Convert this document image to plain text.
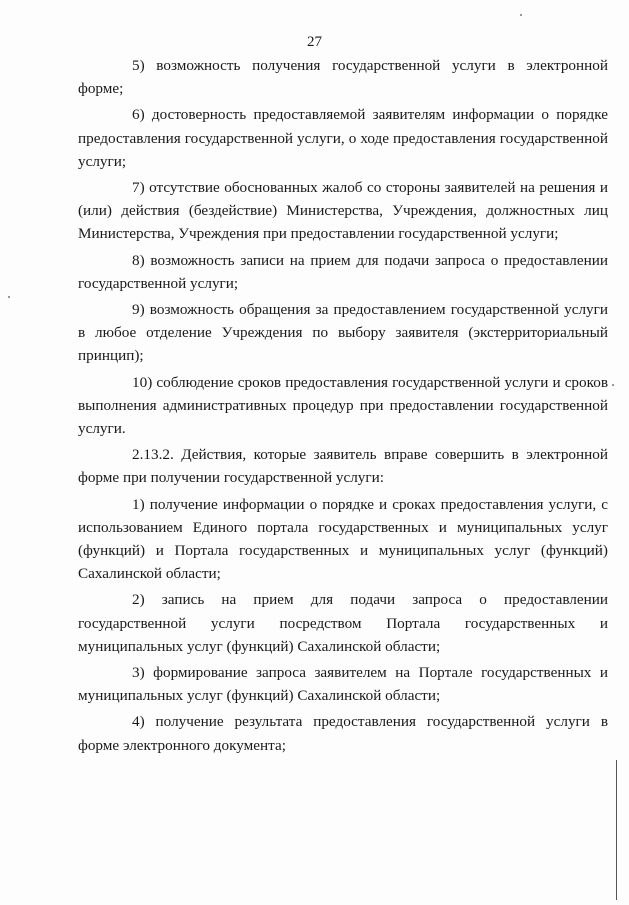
27

5) возможность получения государственной услуги в электронной форме;

6) достоверность предоставляемой заявителям информации о порядке предоставления государственной услуги, о ходе предоставления государственной услуги;

7) отсутствие обоснованных жалоб со стороны заявителей на решения и (или) действия (бездействие) Министерства, Учреждения, должностных лиц Министерства, Учреждения при предоставлении государственной услуги;

8) возможность записи на прием для подачи запроса о предоставлении государственной услуги;

9) возможность обращения за предоставлением государственной услуги в любое отделение Учреждения по выбору заявителя (экстерриториальный принцип);

10) соблюдение сроков предоставления государственной услуги и сроков выполнения административных процедур при предоставлении государственной услуги.

2.13.2. Действия, которые заявитель вправе совершить в электронной форме при получении государственной услуги:

1) получение информации о порядке и сроках предоставления услуги, с использованием Единого портала государственных и муниципальных услуг (функций) и Портала государственных и муниципальных услуг (функций) Сахалинской области;

2) запись на прием для подачи запроса о предоставлении государственной услуги посредством Портала государственных и муниципальных услуг (функций) Сахалинской области;

3) формирование запроса заявителем на Портале государственных и муниципальных услуг (функций) Сахалинской области;

4) получение результата предоставления государственной услуги в форме электронного документа;
